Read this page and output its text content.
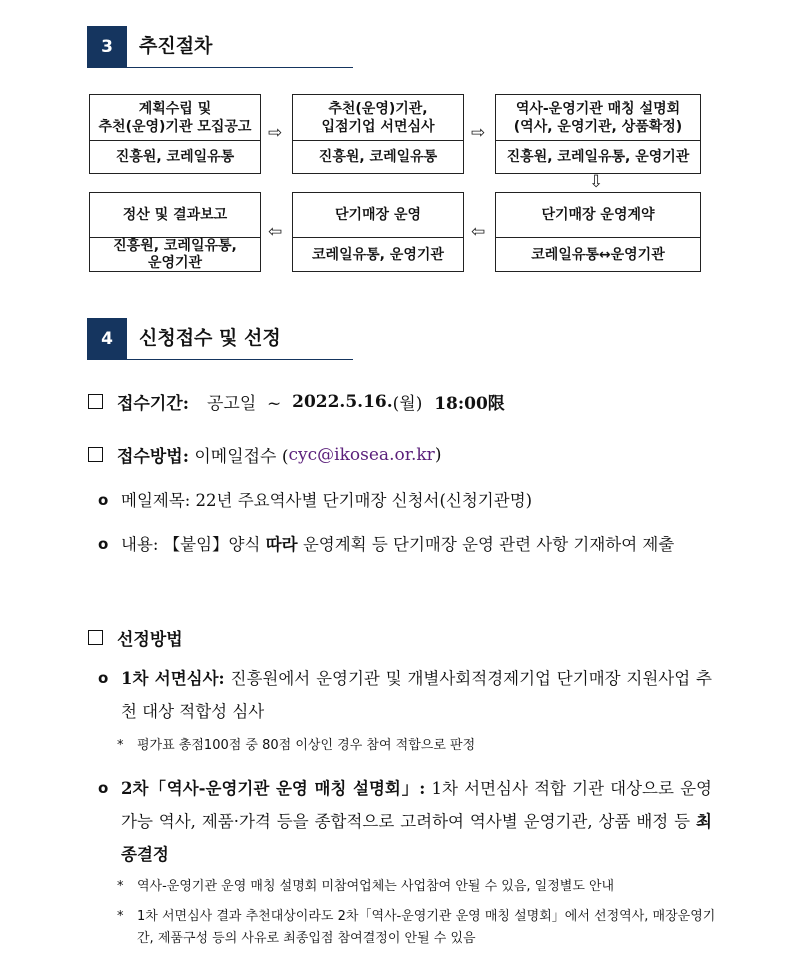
3	추진절차
계획수립 및
추천(운영)기관 모집공고
진흥원, 코레일유통
⇨
추천(운영)기관,
입점기업 서면심사
진흥원, 코레일유통
⇨
역사-운영기관 매칭 설명회
(역사, 운영기관, 상품확정)
진흥원, 코레일유통, 운영기관
⇩
정산 및 결과보고
진흥원, 코레일유통,
운영기관
⇦
단기매장 운영
코레일유통, 운영기관
⇦
단기매장 운영계약
코레일유통↔운영기관
4	신청접수 및 선정
접수기간: 공고일  ~ 2022.5.16. (월) 18:00限
접수방법: 이메일접수 ( cyc@ikosea.or.kr )
o 메일제목: 22년 주요역사별 단기매장 신청서(신청기관명)
o 내용: 【붙임】양식 따라 운영계획 등 단기매장 운영 관련 사항 기재하여 제출
선정방법
o 1차 서면심사: 진흥원에서 운영기관 및 개별사회적경제기업 단기매장 지원사업 추천 대상 적합성 심사
* 평가표 총점100점 중 80점 이상인 경우 참여 적합으로 판정
o 2차「역사-운영기관 운영 매칭 설명회」: 1차 서면심사 적합 기관 대상으로 운영가능 역사, 제품·가격 등을 종합적으로 고려하여 역사별 운영기관, 상품 배정 등 최종결정
* 역사-운영기관 운영 매칭 설명회 미참여업체는 사업참여 안될 수 있음, 일정별도 안내
* 1차 서면심사 결과 추천대상이라도 2차「역사-운영기관 운영 매칭 설명회」에서 선정역사, 매장운영기간, 제품구성 등의 사유로 최종입점 참여결정이 안될 수 있음
